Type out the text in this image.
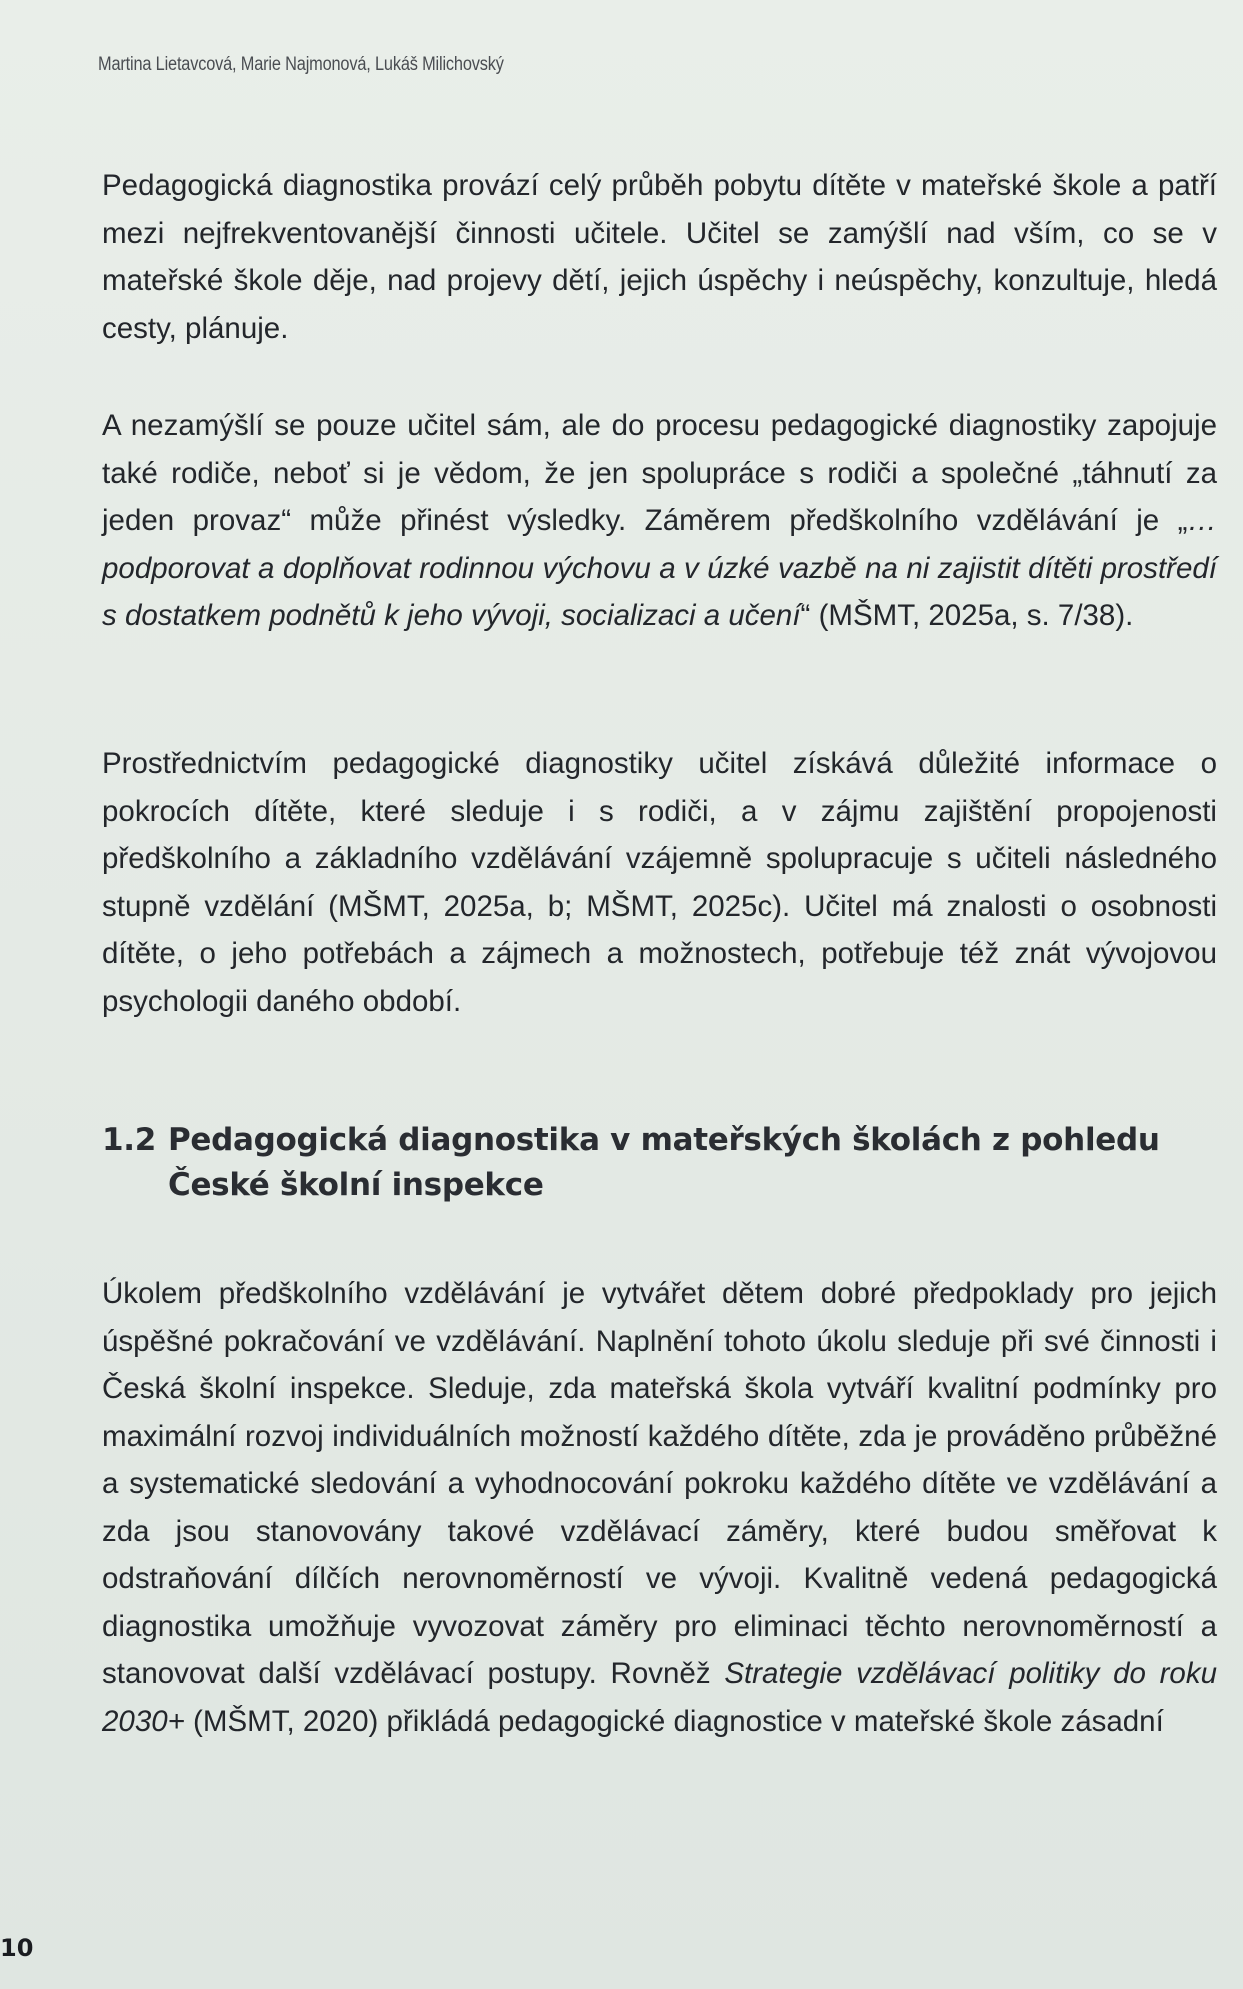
Martina Lietavcová, Marie Najmonová, Lukáš Milichovský

Pedagogická diagnostika provází celý průběh pobytu dítěte v mateřské škole a patří mezi nejfrekventovanější činnosti učitele. Učitel se zamýšlí nad vším, co se v mateřské škole děje, nad projevy dětí, jejich úspěchy i neúspěchy, konzultuje, hledá cesty, plánuje.

A nezamýšlí se pouze učitel sám, ale do procesu pedagogické diagnostiky zapojuje také rodiče, neboť si je vědom, že jen spolupráce s rodiči a společné „táhnutí za jeden provaz“ může přinést výsledky. Záměrem předškolního vzdělávání je „… podporovat a doplňovat rodinnou výchovu a v úzké vazbě na ni zajistit dítěti prostředí s dostatkem podnětů k jeho vývoji, socializaci a učení“ (MŠMT, 2025a, s. 7/38).

Prostřednictvím pedagogické diagnostiky učitel získává důležité informace o pokrocích dítěte, které sleduje i s rodiči, a v zájmu zajištění propojenosti předškolního a základního vzdělávání vzájemně spolupracuje s učiteli následného stupně vzdělání (MŠMT, 2025a, b; MŠMT, 2025c). Učitel má znalosti o osobnosti dítěte, o jeho potřebách a zájmech a možnostech, potřebuje též znát vývojovou psychologii daného období.

1.2 Pedagogická diagnostika v mateřských školách z pohledu
České školní inspekce

Úkolem předškolního vzdělávání je vytvářet dětem dobré předpoklady pro jejich úspěšné pokračování ve vzdělávání. Naplnění tohoto úkolu sleduje při své činnosti i Česká školní inspekce. Sleduje, zda mateřská škola vytváří kvalitní podmínky pro maximální rozvoj individuálních možností každého dítěte, zda je prováděno průběžné a systematické sledování a vyhodnocování pokroku každého dítěte ve vzdělávání a zda jsou stanovovány takové vzdělávací záměry, které budou směřovat k odstraňování dílčích nerovnoměrností ve vývoji. Kvalitně vedená pedagogická diagnostika umožňuje vyvozovat záměry pro eliminaci těchto nerovnoměrností a stanovovat další vzdělávací postupy. Rovněž Strategie vzdělávací politiky do roku 2030+ (MŠMT, 2020) přikládá pedagogické diagnostice v mateřské škole zásadní

10
